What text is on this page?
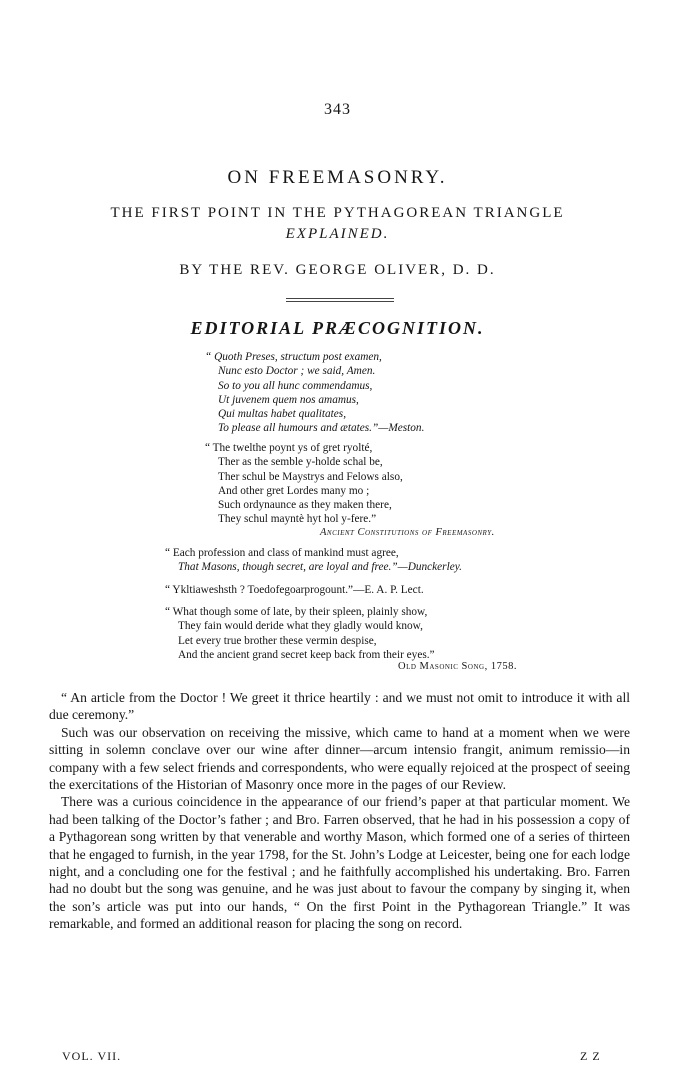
343
ON FREEMASONRY.
THE FIRST POINT IN THE PYTHAGOREAN TRIANGLE
EXPLAINED.
BY THE REV. GEORGE OLIVER, D. D.
EDITORIAL PRÆCOGNITION.
“ Quoth Preses, structum post examen,
Nunc esto Doctor ; we said, Amen.
So to you all hunc commendamus,
Ut juvenem quem nos amamus,
Qui multas habet qualitates,
To please all humours and ætates.”—Meston.
“ The twelthe poynt ys of gret ryolté,
Ther as the semble y-holde schal be,
Ther schul be Maystrys and Felows also,
And other gret Lordes many mo ;
Such ordynaunce as they maken there,
They schul mayntè hyt hol y-fere.”
Ancient Constitutions of Freemasonry.
“ Each profession and class of mankind must agree,
That Masons, though secret, are loyal and free.”—Dunckerley.
“ Ykltiaweshsth ? Toedofegoarprogount.”—E. A. P. Lect.
“ What though some of late, by their spleen, plainly show,
They fain would deride what they gladly would know,
Let every true brother these vermin despise,
And the ancient grand secret keep back from their eyes.”
Old Masonic Song, 1758.

“ An article from the Doctor ! We greet it thrice heartily : and we must not omit to introduce it with all due ceremony.”

Such was our observation on receiving the missive, which came to hand at a moment when we were sitting in solemn conclave over our wine after dinner—arcum intensio frangit, animum remissio—in company with a few select friends and correspondents, who were equally rejoiced at the prospect of seeing the exercitations of the Historian of Masonry once more in the pages of our Review.

There was a curious coincidence in the appearance of our friend’s paper at that particular moment. We had been talking of the Doctor’s father ; and Bro. Farren observed, that he had in his possession a copy of a Pythagorean song written by that venerable and worthy Mason, which formed one of a series of thirteen that he engaged to furnish, in the year 1798, for the St. John’s Lodge at Leicester, being one for each lodge night, and a concluding one for the festival ; and he faithfully accomplished his undertaking. Bro. Farren had no doubt but the song was genuine, and he was just about to favour the company by singing it, when the son’s article was put into our hands, “ On the first Point in the Pythagorean Triangle.” It was remarkable, and formed an additional reason for placing the song on record.

VOL. VII.	Z Z
